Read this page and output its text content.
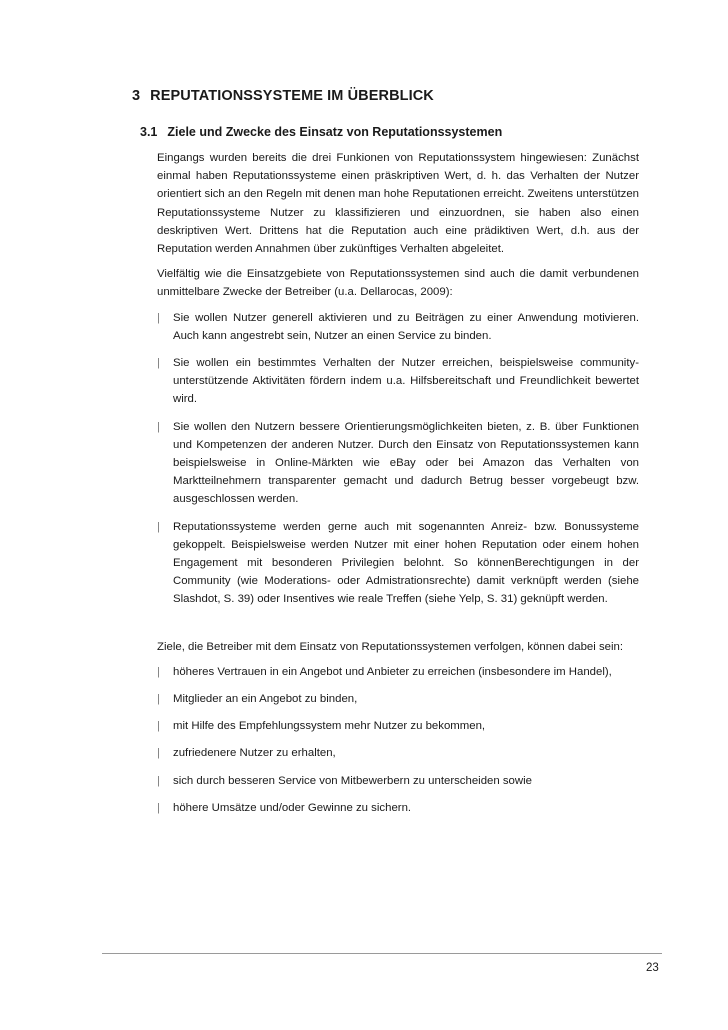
3 REPUTATIONSSYSTEME IM ÜBERBLICK
3.1 Ziele und Zwecke des Einsatz von Reputationssystemen

Eingangs wurden bereits die drei Funkionen von Reputationssystem hingewiesen: Zunächst einmal haben Reputationssysteme einen präskriptiven Wert, d. h. das Verhalten der Nutzer orientiert sich an den Regeln mit denen man hohe Reputationen erreicht. Zweitens unterstützen Reputationssysteme Nutzer zu klassifizieren und einzuordnen, sie haben also einen deskriptiven Wert. Drittens hat die Reputation auch eine prädiktiven Wert, d.h. aus der Reputation werden Annahmen über zukünftiges Verhalten abgeleitet.

Vielfältig wie die Einsatzgebiete von Reputationssystemen sind auch die damit verbundenen unmittelbare Zwecke der Betreiber (u.a. Dellarocas, 2009):

| Sie wollen Nutzer generell aktivieren und zu Beiträgen zu einer Anwendung motivieren. Auch kann angestrebt sein, Nutzer an einen Service zu binden.
| Sie wollen ein bestimmtes Verhalten der Nutzer erreichen, beispielsweise community-unterstützende Aktivitäten fördern indem u.a. Hilfsbereitschaft und Freundlichkeit bewertet wird.
| Sie wollen den Nutzern bessere Orientierungsmöglichkeiten bieten, z. B. über Funktionen und Kompetenzen der anderen Nutzer. Durch den Einsatz von Reputationssystemen kann beispielsweise in Online-Märkten wie eBay oder bei Amazon das Verhalten von Marktteilnehmern transparenter gemacht und dadurch Betrug besser vorgebeugt bzw. ausgeschlossen werden.
| Reputationssysteme werden gerne auch mit sogenannten Anreiz- bzw. Bonussysteme gekoppelt. Beispielsweise werden Nutzer mit einer hohen Reputation oder einem hohen Engagement mit besonderen Privilegien belohnt. So könnenBerechtigungen in der Community (wie Moderations- oder Admistrationsrechte) damit verknüpft werden (siehe Slashdot, S. 39) oder Insentives wie reale Treffen (siehe Yelp, S. 31) geknüpft werden.

Ziele, die Betreiber mit dem Einsatz von Reputationssystemen verfolgen, können dabei sein:

| höheres Vertrauen in ein Angebot und Anbieter zu erreichen (insbesondere im Handel),
| Mitglieder an ein Angebot zu binden,
| mit Hilfe des Empfehlungssystem mehr Nutzer zu bekommen,
| zufriedenere Nutzer zu erhalten,
| sich durch besseren Service von Mitbewerbern zu unterscheiden sowie
| höhere Umsätze und/oder Gewinne zu sichern.
23
